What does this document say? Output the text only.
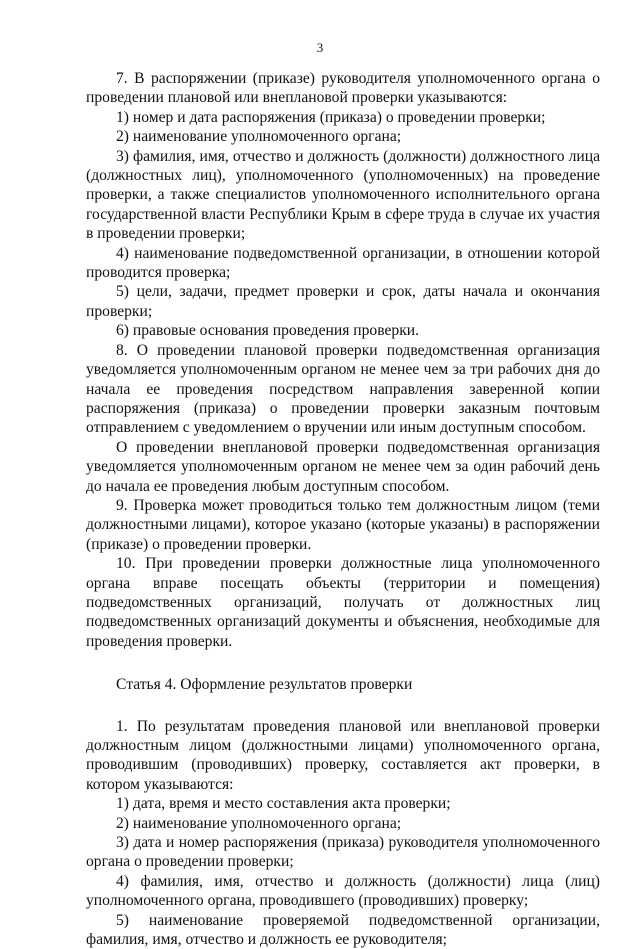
3

7. В распоряжении (приказе) руководителя уполномоченного органа о проведении плановой или внеплановой проверки указываются:

1) номер и дата распоряжения (приказа) о проведении проверки;

2) наименование уполномоченного органа;

3) фамилия, имя, отчество и должность (должности) должностного лица (должностных лиц), уполномоченного (уполномоченных) на проведение проверки, а также специалистов уполномоченного исполнительного органа государственной власти Республики Крым в сфере труда в случае их участия в проведении проверки;

4) наименование подведомственной организации, в отношении которой проводится проверка;

5) цели, задачи, предмет проверки и срок, даты начала и окончания проверки;

6) правовые основания проведения проверки.

8. О проведении плановой проверки подведомственная организация уведомляется уполномоченным органом не менее чем за три рабочих дня до начала ее проведения посредством направления заверенной копии распоряжения (приказа) о проведении проверки заказным почтовым отправлением с уведомлением о вручении или иным доступным способом.

О проведении внеплановой проверки подведомственная организация уведомляется уполномоченным органом не менее чем за один рабочий день до начала ее проведения любым доступным способом.

9. Проверка может проводиться только тем должностным лицом (теми должностными лицами), которое указано (которые указаны) в распоряжении (приказе) о проведении проверки.

10. При проведении проверки должностные лица уполномоченного органа вправе посещать объекты (территории и помещения) подведомственных организаций, получать от должностных лиц подведомственных организаций документы и объяснения, необходимые для проведения проверки.

Статья 4. Оформление результатов проверки

1. По результатам проведения плановой или внеплановой проверки должностным лицом (должностными лицами) уполномоченного органа, проводившим (проводивших) проверку, составляется акт проверки, в котором указываются:

1) дата, время и место составления акта проверки;

2) наименование уполномоченного органа;

3) дата и номер распоряжения (приказа) руководителя уполномоченного органа о проведении проверки;

4) фамилия, имя, отчество и должность (должности) лица (лиц) уполномоченного органа, проводившего (проводивших) проверку;

5) наименование проверяемой подведомственной организации, фамилия, имя, отчество и должность ее руководителя;
